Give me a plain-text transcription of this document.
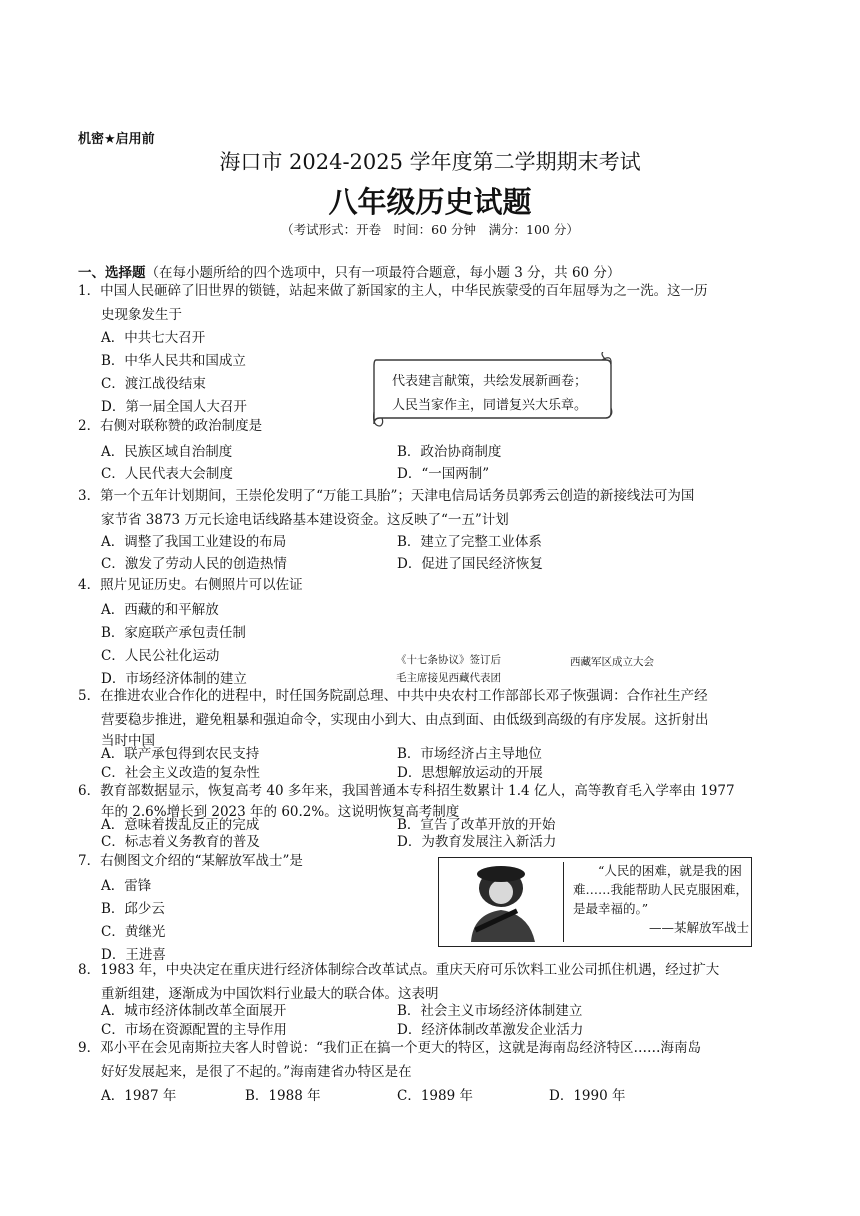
机密★启用前
海口市 2024-2025 学年度第二学期期末考试
八年级历史试题
（考试形式：开卷　时间：60 分钟　满分：100 分）
一、选择题（在每小题所给的四个选项中，只有一项最符合题意，每小题 3 分，共 60 分）
1．中国人民砸碎了旧世界的锁链，站起来做了新国家的主人，中华民族蒙受的百年屈辱为之一洗。这一历
史现象发生于
A．中共七大召开
B．中华人民共和国成立
C．渡江战役结束
D．第一届全国人大召开
代表建言献策，共绘发展新画卷；
人民当家作主，同谱复兴大乐章。
2．右侧对联称赞的政治制度是
A．民族区域自治制度	B．政治协商制度
C．人民代表大会制度	D．“一国两制”
3．第一个五年计划期间，王崇伦发明了“万能工具胎”；天津电信局话务员郭秀云创造的新接线法可为国
家节省 3873 万元长途电话线路基本建设资金。这反映了“一五”计划
A．调整了我国工业建设的布局	B．建立了完整工业体系
C．激发了劳动人民的创造热情	D．促进了国民经济恢复
4．照片见证历史。右侧照片可以佐证
A．西藏的和平解放
B．家庭联产承包责任制
C．人民公社化运动
D．市场经济体制的建立
《十七条协议》签订后
毛主席接见西藏代表团
西藏军区成立大会
5．在推进农业合作化的进程中，时任国务院副总理、中共中央农村工作部部长邓子恢强调：合作社生产经
营要稳步推进，避免粗暴和强迫命令，实现由小到大、由点到面、由低级到高级的有序发展。这折射出
当时中国
A．联产承包得到农民支持	B．市场经济占主导地位
C．社会主义改造的复杂性	D．思想解放运动的开展
6．教育部数据显示，恢复高考 40 多年来，我国普通本专科招生数累计 1.4 亿人，高等教育毛入学率由 1977
年的 2.6%增长到 2023 年的 60.2%。这说明恢复高考制度
A．意味着拨乱反正的完成	B．宣告了改革开放的开始
C．标志着义务教育的普及	D．为教育发展注入新活力
7．右侧图文介绍的“某解放军战士”是
A．雷锋
B．邱少云
C．黄继光
D．王进喜
“人民的困难，就是我的困难……我能帮助人民克服困难，是最幸福的。”
——某解放军战士
8．1983 年，中央决定在重庆进行经济体制综合改革试点。重庆天府可乐饮料工业公司抓住机遇，经过扩大
重新组建，逐渐成为中国饮料行业最大的联合体。这表明
A．城市经济体制改革全面展开	B．社会主义市场经济体制建立
C．市场在资源配置的主导作用	D．经济体制改革激发企业活力
9．邓小平在会见南斯拉夫客人时曾说：“我们正在搞一个更大的特区，这就是海南岛经济特区……海南岛
好好发展起来，是很了不起的。”海南建省办特区是在
A．1987 年	B．1988 年	C．1989 年	D．1990 年
